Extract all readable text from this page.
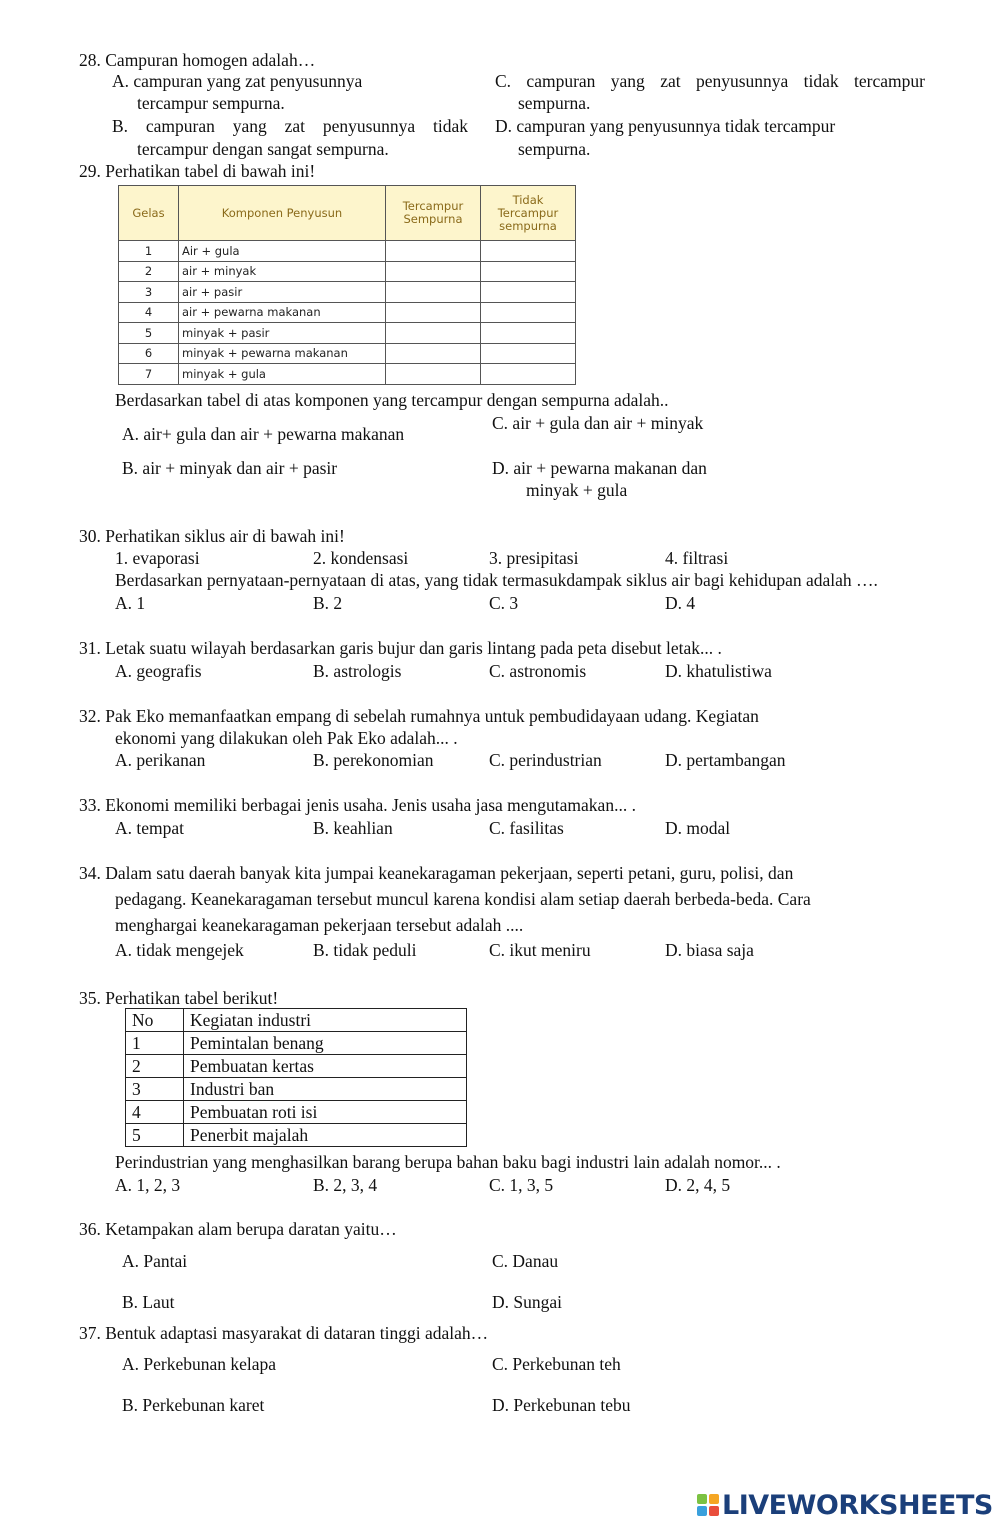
28. Campuran homogen adalah…
A. campuran yang zat penyusunnya
tercampur sempurna.
B. campuran yang zat penyusunnya tidak
tercampur dengan sangat sempurna.
C. campuran yang zat penyusunnya tidak tercampur
sempurna.
D. campuran yang penyusunnya tidak tercampur
sempurna.
29. Perhatikan tabel di bawah ini!
Gelas	Komponen Penyusun	Tercampur Sempurna	Tidak Tercampur sempurna
1	Air + gula		
2	air + minyak		
3	air + pasir		
4	air + pewarna makanan		
5	minyak + pasir		
6	minyak + pewarna makanan		
7	minyak + gula		
Berdasarkan tabel di atas komponen yang tercampur dengan sempurna adalah..
A. air+ gula dan air + pewarna makanan
C. air + gula dan air + minyak
B. air + minyak dan air + pasir	D. air + pewarna makanan dan
minyak + gula
30. Perhatikan siklus air di bawah ini!
1. evaporasi	2. kondensasi	3. presipitasi	4. filtrasi
Berdasarkan pernyataan-pernyataan di atas, yang tidak termasukdampak siklus air bagi kehidupan adalah ….
A. 1	B. 2	C. 3	D. 4
31. Letak suatu wilayah berdasarkan garis bujur dan garis lintang pada peta disebut letak... .
A. geografis	B. astrologis	C. astronomis	D. khatulistiwa
32. Pak Eko memanfaatkan empang di sebelah rumahnya untuk pembudidayaan udang. Kegiatan
ekonomi yang dilakukan oleh Pak Eko adalah... .
A. perikanan	B. perekonomian	C. perindustrian	D. pertambangan
33. Ekonomi memiliki berbagai jenis usaha. Jenis usaha jasa mengutamakan... .
A. tempat	B. keahlian	C. fasilitas	D. modal
34. Dalam satu daerah banyak kita jumpai keanekaragaman pekerjaan, seperti petani, guru, polisi, dan
pedagang. Keanekaragaman tersebut muncul karena kondisi alam setiap daerah berbeda-beda. Cara
menghargai keanekaragaman pekerjaan tersebut adalah ....
A. tidak mengejek	B. tidak peduli	C. ikut meniru	D. biasa saja
35. Perhatikan tabel berikut!
No	Kegiatan industri
1	Pemintalan benang
2	Pembuatan kertas
3	Industri ban
4	Pembuatan roti isi
5	Penerbit majalah
Perindustrian yang menghasilkan barang berupa bahan baku bagi industri lain adalah nomor... .
A. 1, 2, 3	B. 2, 3, 4	C. 1, 3, 5	D. 2, 4, 5
36. Ketampakan alam berupa daratan yaitu…
A. Pantai	C. Danau
B. Laut	D. Sungai
37. Bentuk adaptasi masyarakat di dataran tinggi adalah…
A. Perkebunan kelapa	C. Perkebunan teh
B. Perkebunan karet	D. Perkebunan tebu
LIVEWORKSHEETS
